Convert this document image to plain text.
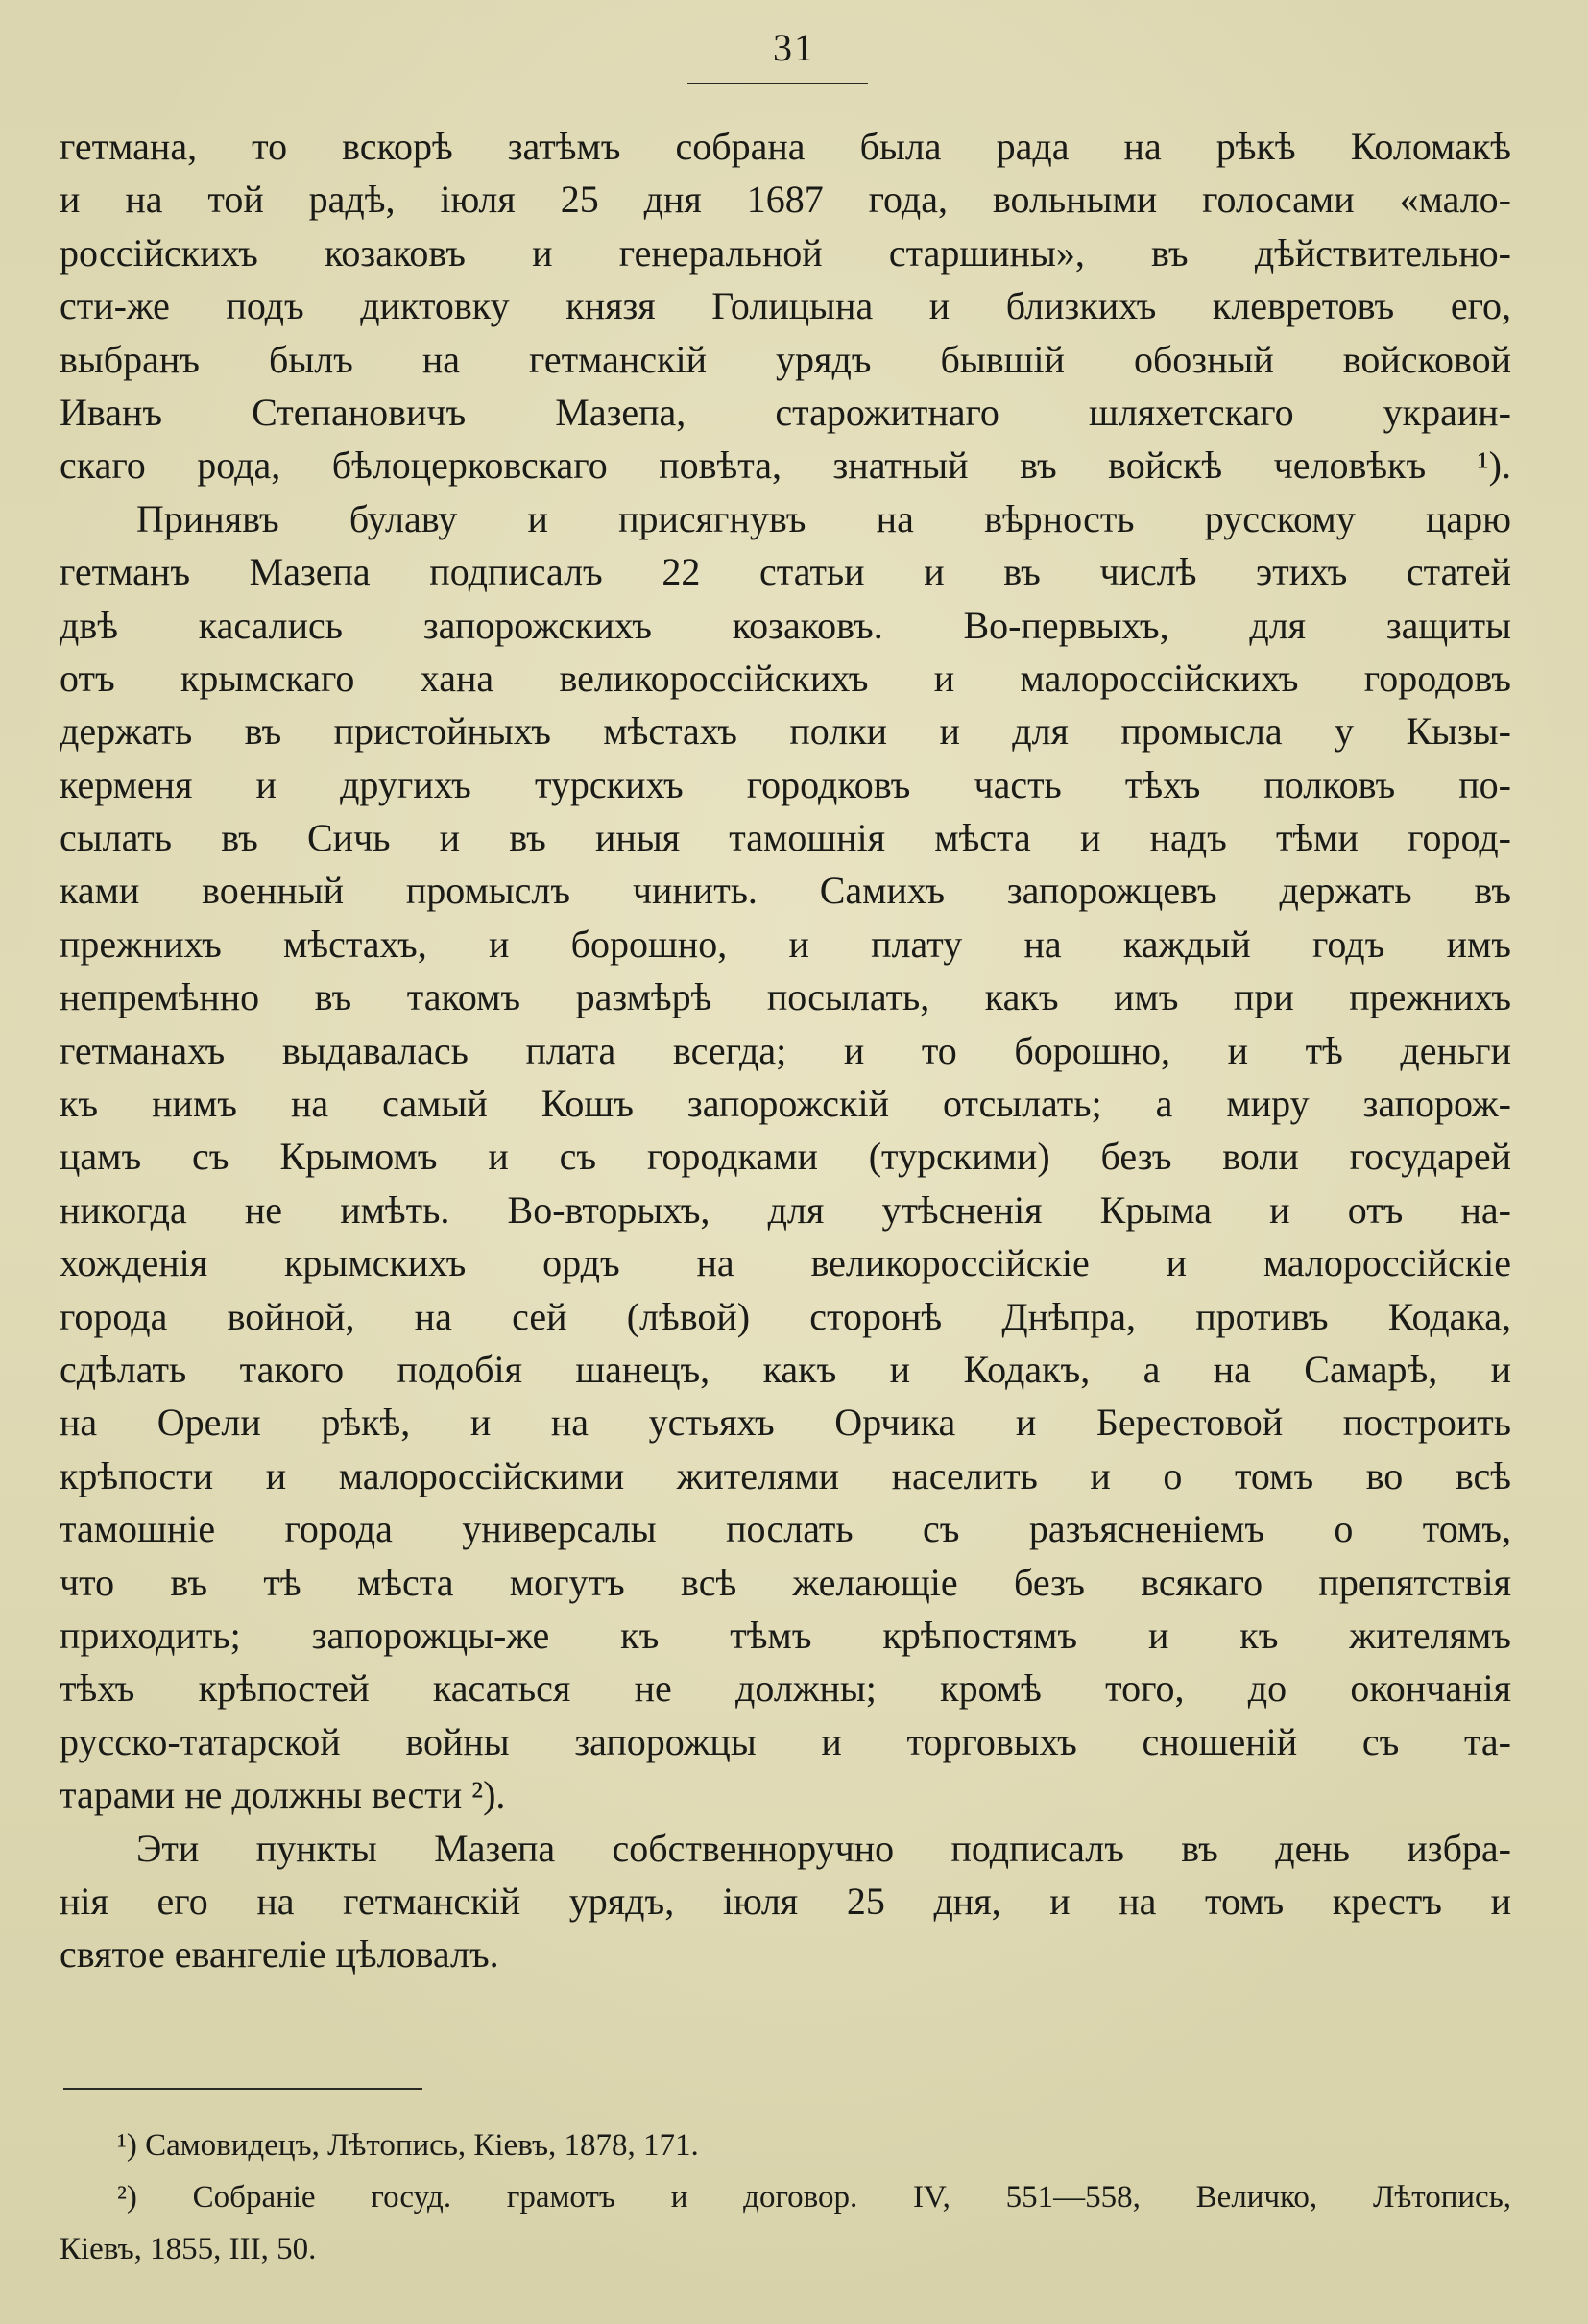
31
гетмана, то вскорѣ затѣмъ собрана была рада на рѣкѣ Коломакѣ
и на той радѣ, іюля 25 дня 1687 года, вольными голосами «мало-
россійскихъ козаковъ и генеральной старшины», въ дѣйствительно-
сти-же подъ диктовку князя Голицына и близкихъ клевретовъ его,
выбранъ былъ на гетманскій урядъ бывшій обозный войсковой
Иванъ Степановичъ Мазепа, старожитнаго шляхетскаго украин-
скаго рода, бѣлоцерковскаго повѣта, знатный въ войскѣ человѣкъ ¹).
Принявъ булаву и присягнувъ на вѣрность русскому царю
гетманъ Мазепа подписалъ 22 статьи и въ числѣ этихъ статей
двѣ касались запорожскихъ козаковъ. Во-первыхъ, для защиты
отъ крымскаго хана великороссійскихъ и малороссійскихъ городовъ
держать въ пристойныхъ мѣстахъ полки и для промысла у Кызы-
керменя и другихъ турскихъ городковъ часть тѣхъ полковъ по-
сылать въ Сичь и въ иныя тамошнія мѣста и надъ тѣми город-
ками военный промыслъ чинить. Самихъ запорожцевъ держать въ
прежнихъ мѣстахъ, и борошно, и плату на каждый годъ имъ
непремѣнно въ такомъ размѣрѣ посылать, какъ имъ при прежнихъ
гетманахъ выдавалась плата всегда; и то борошно, и тѣ деньги
къ нимъ на самый Кошъ запорожскій отсылать; а миру запорож-
цамъ съ Крымомъ и съ городками (турскими) безъ воли государей
никогда не имѣть. Во-вторыхъ, для утѣсненія Крыма и отъ на-
хожденія крымскихъ ордъ на великороссійскіе и малороссійскіе
города войной, на сей (лѣвой) сторонѣ Днѣпра, противъ Кодака,
сдѣлать такого подобія шанецъ, какъ и Кодакъ, а на Самарѣ, и
на Орели рѣкѣ, и на устьяхъ Орчика и Берестовой построить
крѣпости и малороссійскими жителями населить и о томъ во всѣ
тамошніе города универсалы послать съ разъясненіемъ о томъ,
что въ тѣ мѣста могутъ всѣ желающіе безъ всякаго препятствія
приходить; запорожцы-же къ тѣмъ крѣпостямъ и къ жителямъ
тѣхъ крѣпостей касаться не должны; кромѣ того, до окончанія
русско-татарской войны запорожцы и торговыхъ сношеній съ та-
тарами не должны вести ²).
Эти пункты Мазепа собственноручно подписалъ въ день избра-
нія его на гетманскій урядъ, іюля 25 дня, и на томъ крестъ и
святое евангеліе цѣловалъ.
¹) Самовидецъ, Лѣтопись, Кіевъ, 1878, 171.
²) Собраніе госуд. грамотъ и договор. IV, 551—558, Величко, Лѣтопись,
Кіевъ, 1855, III, 50.
